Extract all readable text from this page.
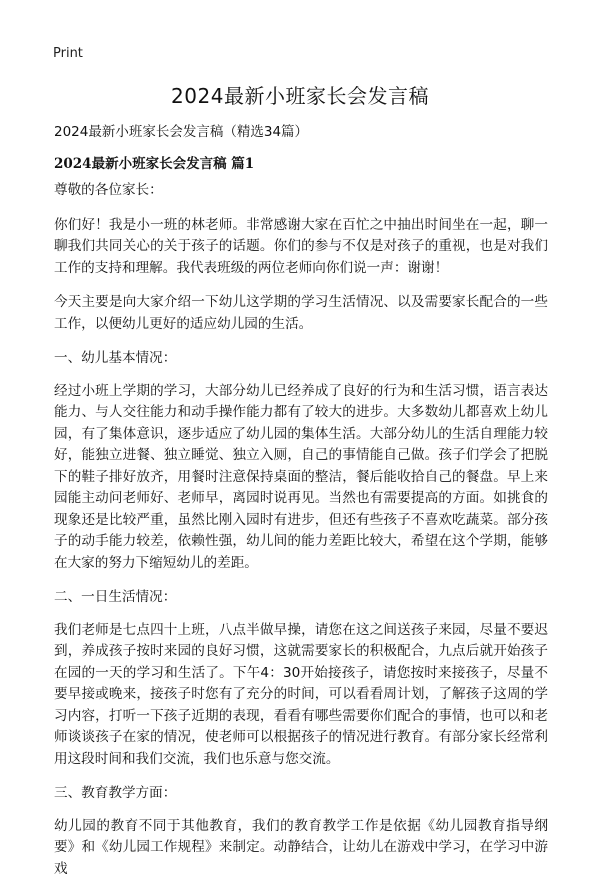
Print
2024最新小班家长会发言稿
2024最新小班家长会发言稿（精选34篇）
2024最新小班家长会发言稿 篇1

尊敬的各位家长：

你们好！我是小一班的林老师。非常感谢大家在百忙之中抽出时间坐在一起，聊一聊我们共同关心的关于孩子的话题。你们的参与不仅是对孩子的重视，也是对我们工作的支持和理解。我代表班级的两位老师向你们说一声：谢谢！

今天主要是向大家介绍一下幼儿这学期的学习生活情况、以及需要家长配合的一些工作，以便幼儿更好的适应幼儿园的生活。

一、幼儿基本情况：

经过小班上学期的学习，大部分幼儿已经养成了良好的行为和生活习惯，语言表达能力、与人交往能力和动手操作能力都有了较大的进步。大多数幼儿都喜欢上幼儿园，有了集体意识，逐步适应了幼儿园的集体生活。大部分幼儿的生活自理能力较好，能独立进餐、独立睡觉、独立入厕，自己的事情能自己做。孩子们学会了把脱下的鞋子排好放齐，用餐时注意保持桌面的整洁，餐后能收拾自己的餐盘。早上来园能主动问老师好、老师早，离园时说再见。当然也有需要提高的方面。如挑食的现象还是比较严重，虽然比刚入园时有进步，但还有些孩子不喜欢吃蔬菜。部分孩子的动手能力较差，依赖性强，幼儿间的能力差距比较大，希望在这个学期，能够在大家的努力下缩短幼儿的差距。

二、一日生活情况：

我们老师是七点四十上班，八点半做早操，请您在这之间送孩子来园，尽量不要迟到，养成孩子按时来园的良好习惯，这就需要家长的积极配合，九点后就开始孩子在园的一天的学习和生活了。下午4：30开始接孩子，请您按时来接孩子，尽量不要早接或晚来，接孩子时您有了充分的时间，可以看看周计划，了解孩子这周的学习内容，打听一下孩子近期的表现，看看有哪些需要你们配合的事情，也可以和老师谈谈孩子在家的情况，使老师可以根据孩子的情况进行教育。有部分家长经常利用这段时间和我们交流，我们也乐意与您交流。

三、教育教学方面：

幼儿园的教育不同于其他教育，我们的教育教学工作是依据《幼儿园教育指导纲要》和《幼儿园工作规程》来制定。动静结合，让幼儿在游戏中学习，在学习中游戏
